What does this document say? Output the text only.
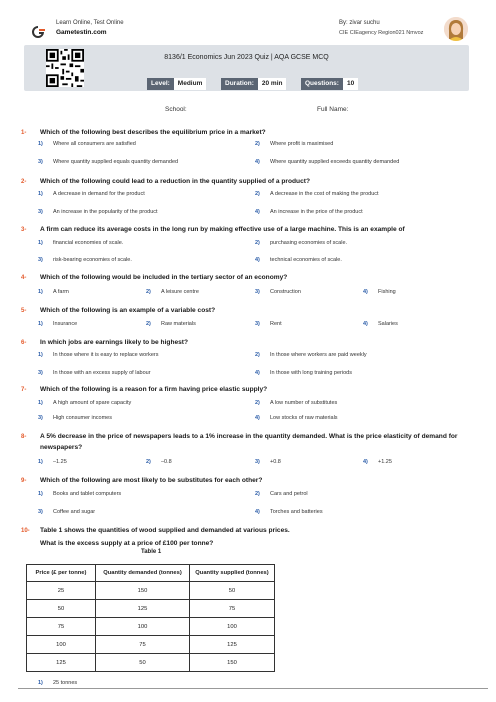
Learn Online, Test Online
Gametestin.com
By: zivar suchu
CIE CIEagency Region021 Nmvoz
8136/1 Economics Jun 2023 Quiz | AQA GCSE MCQ
Level: Medium	Duration: 20 min	Questions: 10
School:	Full Name:
1- Which of the following best describes the equilibrium price in a market?
1) Where all consumers are satisfied	2) Where profit is maximised
3) Where quantity supplied equals quantity demanded	4) Where quantity supplied exceeds quantity demanded
2- Which of the following could lead to a reduction in the quantity supplied of a product?
1) A decrease in demand for the product	2) A decrease in the cost of making the product
3) An increase in the popularity of the product	4) An increase in the price of the product
3- A firm can reduce its average costs in the long run by making effective use of a large machine. This is an example of
1) financial economies of scale.	2) purchasing economies of scale.
3) risk-bearing economies of scale.	4) technical economies of scale.
4- Which of the following would be included in the tertiary sector of an economy?
1) A farm	2) A leisure centre	3) Construction	4) Fishing
5- Which of the following is an example of a variable cost?
1) Insurance	2) Raw materials	3) Rent	4) Salaries
6- In which jobs are earnings likely to be highest?
1) In those where it is easy to replace workers	2) In those where workers are paid weekly
3) In those with an excess supply of labour	4) In those with long training periods
7- Which of the following is a reason for a firm having price elastic supply?
1) A high amount of spare capacity	2) A low number of substitutes
3) High consumer incomes	4) Low stocks of raw materials
8- A 5% decrease in the price of newspapers leads to a 1% increase in the quantity demanded. What is the price elasticity of demand for newspapers?
1) –1.25	2) –0.8	3) +0.8	4) +1.25
9- Which of the following are most likely to be substitutes for each other?
1) Books and tablet computers	2) Cars and petrol
3) Coffee and sugar	4) Torches and batteries
10- Table 1 shows the quantities of wood supplied and demanded at various prices.
What is the excess supply at a price of £100 per tonne?
1) 25 tonnes
Table 1
Price (£ per tonne)	Quantity demanded (tonnes)	Quantity supplied (tonnes)
25	150	50
50	125	75
75	100	100
100	75	125
125	50	150
